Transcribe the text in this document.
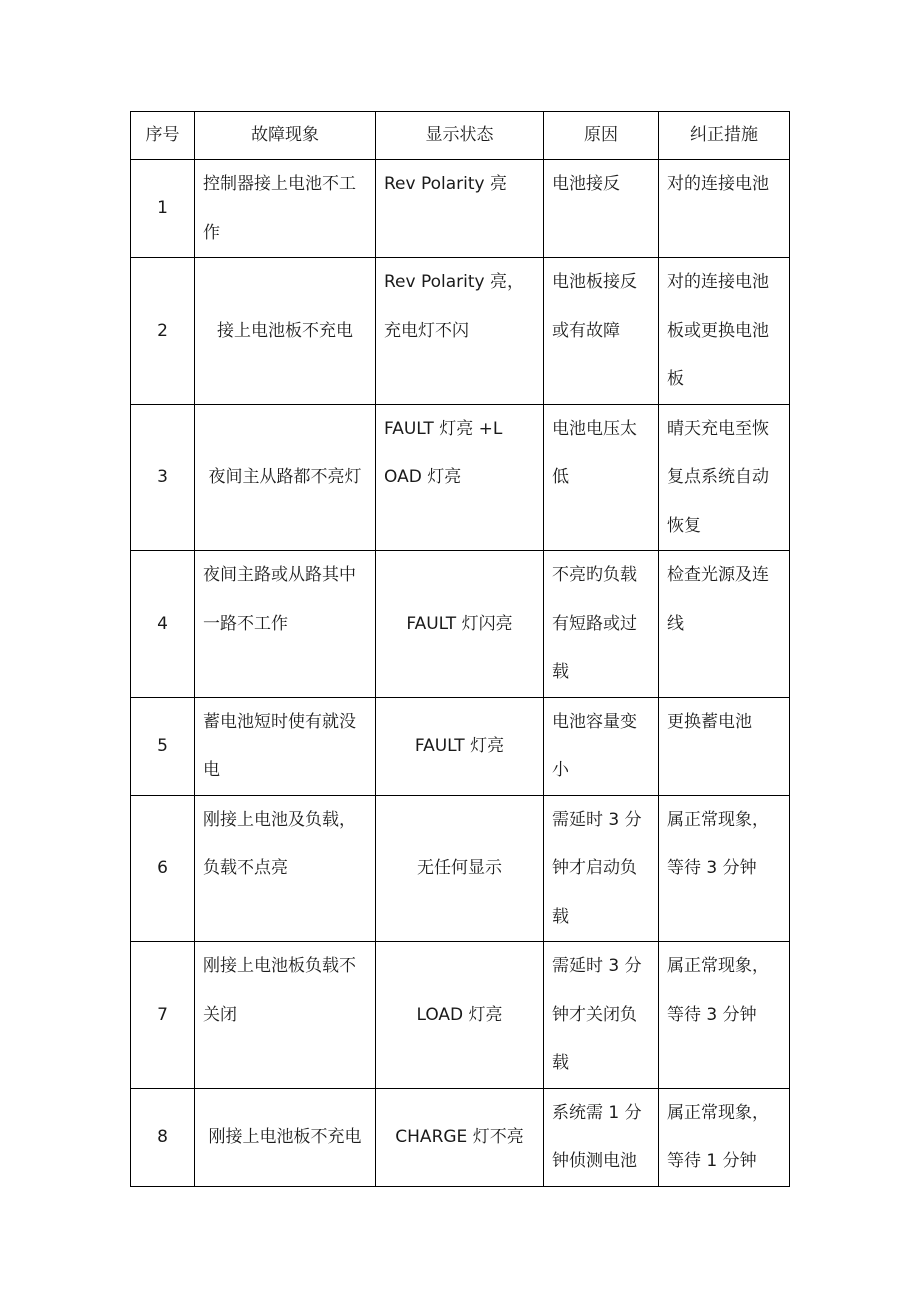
序号	故障现象	显示状态	原因	纠正措施
1	控制器接上电池不工作	Rev Polarity 亮	电池接反	对的连接电池
2	接上电池板不充电	Rev Polarity 亮，充电灯不闪	电池板接反或有故障	对的连接电池板或更换电池板
3	夜间主从路都不亮灯	FAULT 灯亮 +LOAD 灯亮	电池电压太低	晴天充电至恢复点系统自动恢复
4	夜间主路或从路其中一路不工作	FAULT 灯闪亮	不亮旳负载有短路或过载	检查光源及连线
5	蓄电池短时使有就没电	FAULT 灯亮	电池容量变小	更换蓄电池
6	刚接上电池及负载，负载不点亮	无任何显示	需延时 3 分钟才启动负载	属正常现象，等待 3 分钟
7	刚接上电池板负载不关闭	LOAD 灯亮	需延时 3 分钟才关闭负载	属正常现象，等待 3 分钟
8	刚接上电池板不充电	CHARGE 灯不亮	系统需 1 分钟侦测电池	属正常现象，等待 1 分钟
